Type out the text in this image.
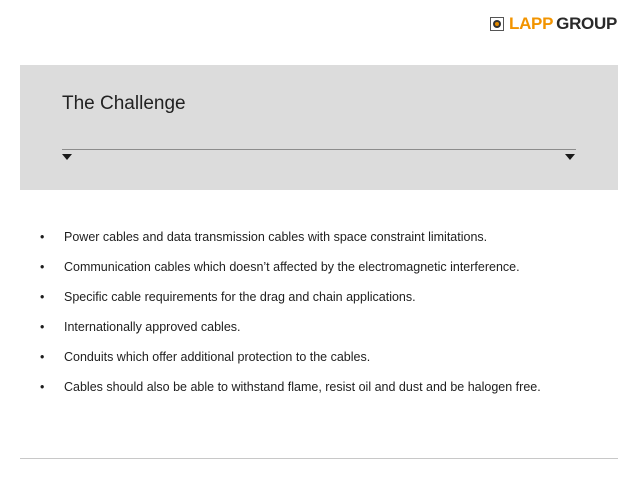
LAPP GROUP
The Challenge
•	Power cables and data transmission cables with space constraint limitations.
•	Communication cables which doesn’t affected by the electromagnetic interference.
•	Specific cable requirements for the drag and chain applications.
•	Internationally approved cables.
•	Conduits which offer additional protection to the cables.
•	Cables should also be able to withstand flame, resist oil and dust and be halogen free.
